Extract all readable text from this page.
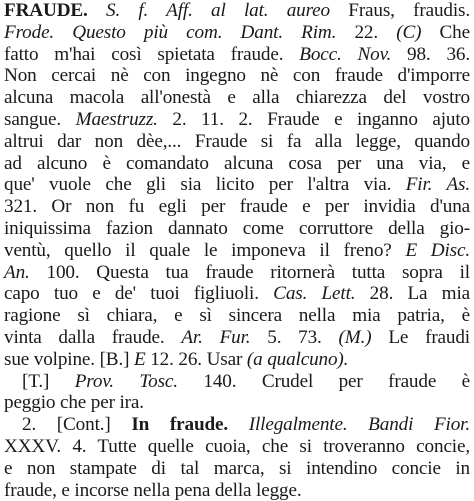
FRAUDE. S. f. Aff. al lat. aureo Fraus, fraudis.
Frode. Questo più com. Dant. Rim. 22. (C) Che
fatto m'hai così spietata fraude. Bocc. Nov. 98. 36.
Non cercai nè con ingegno nè con fraude d'imporre
alcuna macola all'onestà e alla chiarezza del vostro
sangue. Maestruzz. 2. 11. 2. Fraude e inganno ajuto
altrui dar non dèe,... Fraude si fa alla legge, quando
ad alcuno è comandato alcuna cosa per una via, e
que' vuole che gli sia licito per l'altra via. Fir. As.
321. Or non fu egli per fraude e per invidia d'una
iniquissima fazion dannato come corruttore della gio-
ventù, quello il quale le imponeva il freno? E Disc.
An. 100. Questa tua fraude ritornerà tutta sopra il
capo tuo e de' tuoi figliuoli. Cas. Lett. 28. La mia
ragione sì chiara, e sì sincera nella mia patria, è
vinta dalla fraude. Ar. Fur. 5. 73. (M.) Le fraudi
sue volpine. [B.] E 12. 26. Usar (a qualcuno).
[T.] Prov. Tosc. 140. Crudel per fraude è
peggio che per ira.
2. [Cont.] In fraude. Illegalmente. Bandi Fior.
XXXV. 4. Tutte quelle cuoia, che si troveranno concie,
e non stampate di tal marca, si intendino concie in
fraude, e incorse nella pena della legge.
